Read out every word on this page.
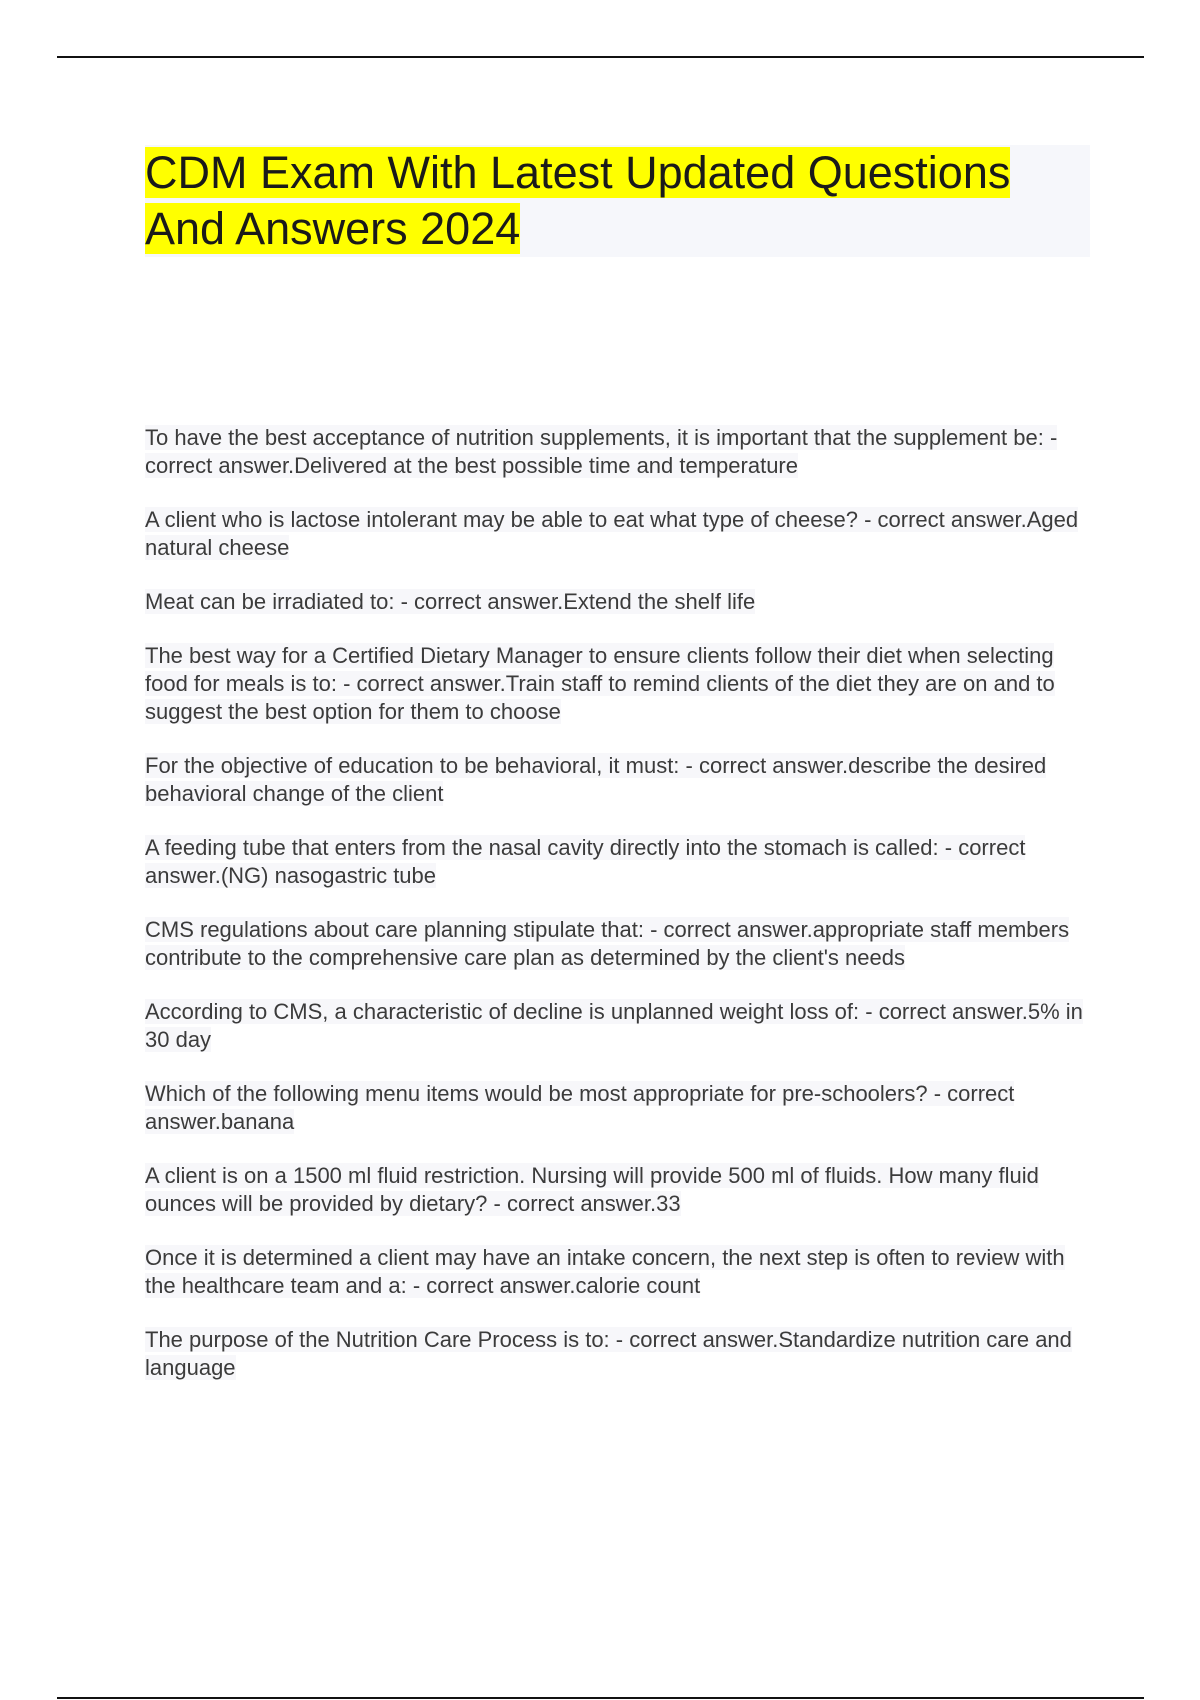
CDM Exam With Latest Updated Questions
And Answers 2024

To have the best acceptance of nutrition supplements, it is important that the supplement be: - correct answer.Delivered at the best possible time and temperature

A client who is lactose intolerant may be able to eat what type of cheese? - correct answer.Aged natural cheese

Meat can be irradiated to: - correct answer.Extend the shelf life

The best way for a Certified Dietary Manager to ensure clients follow their diet when selecting food for meals is to: - correct answer.Train staff to remind clients of the diet they are on and to suggest the best option for them to choose

For the objective of education to be behavioral, it must: - correct answer.describe the desired behavioral change of the client

A feeding tube that enters from the nasal cavity directly into the stomach is called: - correct answer.(NG) nasogastric tube

CMS regulations about care planning stipulate that: - correct answer.appropriate staff members contribute to the comprehensive care plan as determined by the client's needs

According to CMS, a characteristic of decline is unplanned weight loss of: - correct answer.5% in 30 day

Which of the following menu items would be most appropriate for pre-schoolers? - correct answer.banana

A client is on a 1500 ml fluid restriction. Nursing will provide 500 ml of fluids. How many fluid ounces will be provided by dietary? - correct answer.33

Once it is determined a client may have an intake concern, the next step is often to review with the healthcare team and a: - correct answer.calorie count

The purpose of the Nutrition Care Process is to: - correct answer.Standardize nutrition care and language
